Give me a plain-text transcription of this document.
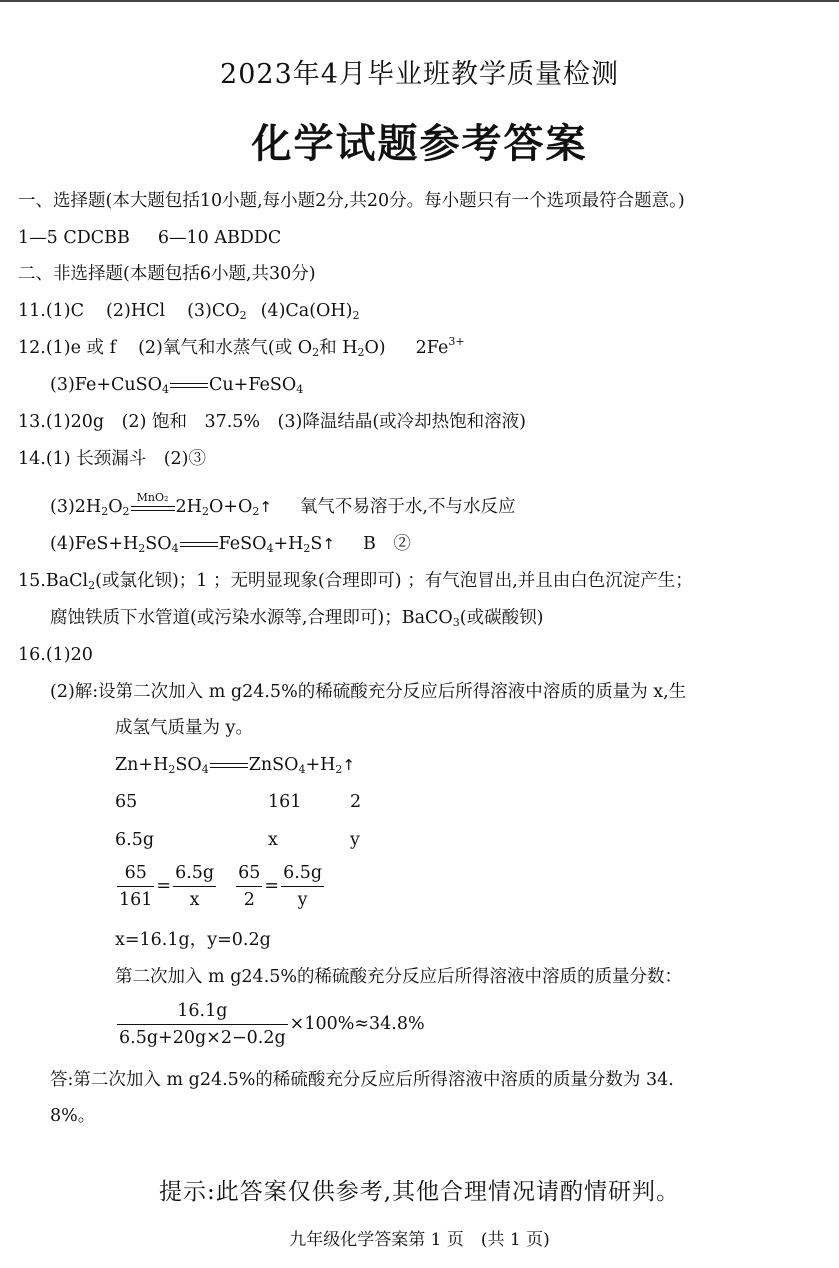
2023年4月毕业班教学质量检测
化学试题参考答案
一、选择题(本大题包括10小题,每小题2分,共20分。每小题只有一个选项最符合题意。)
1—5 CDCBB 6—10 ABDDC
二、非选择题(本题包括6小题,共30分)
11.(1)C (2)HCl $(3)CO_2$ $(4)Ca(OH)_2$
12.(1)e 或 f (2)氧气和水蒸气(或 $O_2$和 $H_2O$) $2Fe^{3+}$
(3)Fe+CuSO$_4$ Cu+FeSO$_4$
13.(1)20g　(2) 饱和　37.5%　(3)降温结晶(或冷却热饱和溶液)
14.(1) 长颈漏斗　(2)③
$(3)2H_2O_2$
MnO₂ $2H_2O+O_2↑$ 氧气不易溶于水,不与水反应
$(4)FeS+H_2SO_4$ $FeSO_4+H_2S↑$ B　②
15.BaCl$_2$(或氯化钡)；1 ；无明显现象(合理即可) ；有气泡冒出,并且由白色沉淀产生；
腐蚀铁质下水管道(或污染水源等,合理即可)；BaCO$_3$(或碳酸钡)
16.(1)20
(2)解:设第二次加入 m g24.5%的稀硫酸充分反应后所得溶液中溶质的质量为 x,生
成氢气质量为 y。
$Zn+H_2SO_4$ $ZnSO_4+H_2↑$
65	161	2
6.5g	x	y
$\frac{65}{161} = \frac{6.5g}{x} \frac{65}{2} = \frac{6.5g}{y}$
x=16.1g，y=0.2g
第二次加入 m g24.5%的稀硫酸充分反应后所得溶液中溶质的质量分数：
$\frac{16.1g}{6.5g+20g\times 2-0.2g} \times 100\%\approx 34.8\%$
答:第二次加入 m g24.5%的稀硫酸充分反应后所得溶液中溶质的质量分数为 34.
8%。
提示:此答案仅供参考,其他合理情况请酌情研判。
九年级化学答案第 1 页　(共 1 页)
